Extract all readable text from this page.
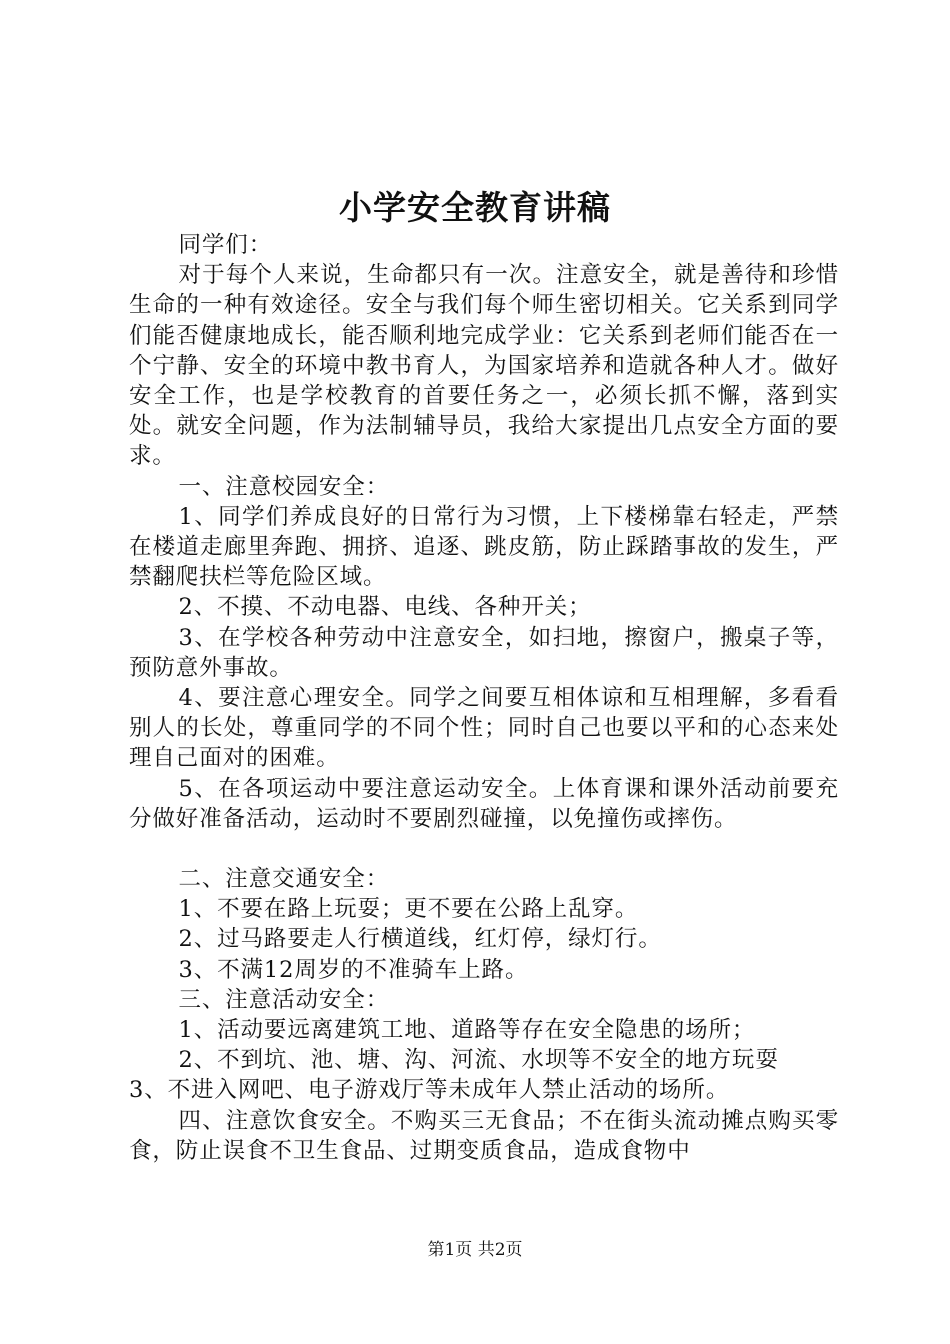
小学安全教育讲稿

同学们：

对于每个人来说，生命都只有一次。注意安全，就是善待和珍惜生命的一种有效途径。安全与我们每个师生密切相关。它关系到同学们能否健康地成长，能否顺利地完成学业：它关系到老师们能否在一个宁静、安全的环境中教书育人，为国家培养和造就各种人才。做好安全工作，也是学校教育的首要任务之一，必须长抓不懈，落到实处。就安全问题，作为法制辅导员，我给大家提出几点安全方面的要求。

一、注意校园安全：

1、同学们养成良好的日常行为习惯，上下楼梯靠右轻走，严禁在楼道走廊里奔跑、拥挤、追逐、跳皮筋，防止踩踏事故的发生，严禁翻爬扶栏等危险区域。

2、不摸、不动电器、电线、各种开关；

3、在学校各种劳动中注意安全，如扫地，擦窗户，搬桌子等，预防意外事故。

4、要注意心理安全。同学之间要互相体谅和互相理解，多看看别人的长处，尊重同学的不同个性；同时自己也要以平和的心态来处理自己面对的困难。

5、在各项运动中要注意运动安全。上体育课和课外活动前要充分做好准备活动，运动时不要剧烈碰撞，以免撞伤或摔伤。

二、注意交通安全：

1、不要在路上玩耍；更不要在公路上乱穿。

2、过马路要走人行横道线，红灯停，绿灯行。

3、不满12周岁的不准骑车上路。

三、注意活动安全：

1、活动要远离建筑工地、道路等存在安全隐患的场所；

2、不到坑、池、塘、沟、河流、水坝等不安全的地方玩耍

3、不进入网吧、电子游戏厅等未成年人禁止活动的场所。

四、注意饮食安全。不购买三无食品；不在街头流动摊点购买零食，防止误食不卫生食品、过期变质食品，造成食物中

第1页 共2页
